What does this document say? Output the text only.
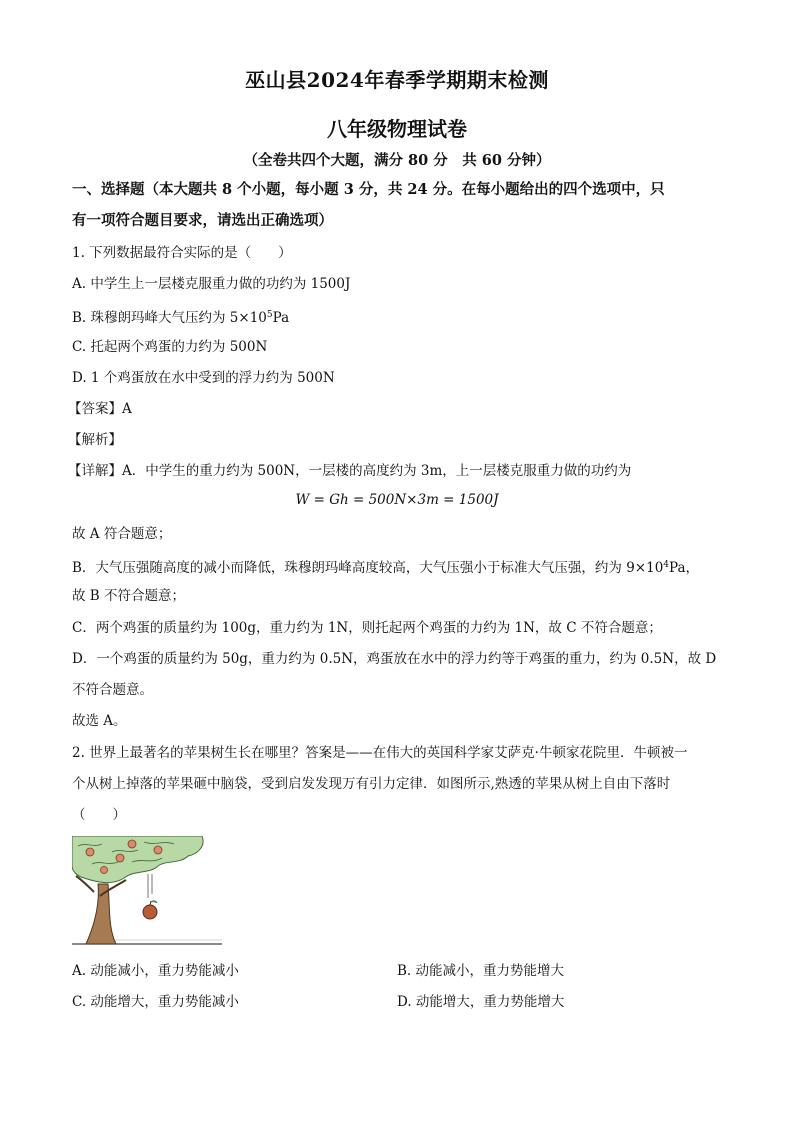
巫山县2024年春季学期期末检测
八年级物理试卷
（全卷共四个大题，满分 80 分　共 60 分钟）
一、选择题（本大题共 8 个小题，每小题 3 分，共 24 分。在每小题给出的四个选项中，只
有一项符合题目要求，请选出正确选项）
1. 下列数据最符合实际的是（　　）
A. 中学生上一层楼克服重力做的功约为 1500J
B. 珠穆朗玛峰大气压约为 $5\times 10^5Pa$
C. 托起两个鸡蛋的力约为 500N
D. 1 个鸡蛋放在水中受到的浮力约为 500N
【答案】A
【解析】
【详解】A．中学生的重力约为 500N，一层楼的高度约为 3m，上一层楼克服重力做的功约为
W = Gh = 500N×3m = 1500J
故 A 符合题意；
B．大气压强随高度的减小而降低，珠穆朗玛峰高度较高，大气压强小于标准大气压强，约为 $9\times 10^4Pa$，
故 B 不符合题意；
C．两个鸡蛋的质量约为 100g，重力约为 1N，则托起两个鸡蛋的力约为 1N，故 C 不符合题意；
D．一个鸡蛋的质量约为 50g，重力约为 0.5N，鸡蛋放在水中的浮力约等于鸡蛋的重力，约为 0.5N，故 D
不符合题意。
故选 A。
2. 世界上最著名的苹果树生长在哪里？答案是——在伟大的英国科学家艾萨克·牛顿家花院里．牛顿被一
个从树上掉落的苹果砸中脑袋，受到启发发现万有引力定律．如图所示,熟透的苹果从树上自由下落时
（　　）
A. 动能减小，重力势能减小	B. 动能减小，重力势能增大
C. 动能增大，重力势能减小	D. 动能增大，重力势能增大
